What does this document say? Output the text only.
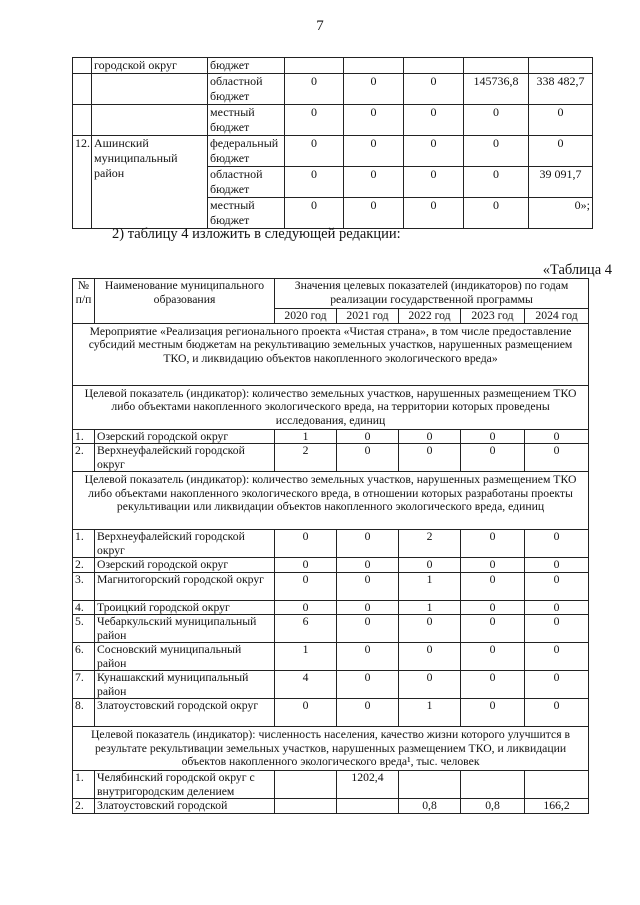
7
	городской округ	бюджет					
		областной бюджет	0	0	0	145736,8	338 482,7
		местный бюджет	0	0	0	0	0
12.	Ашинский муниципальный район	федеральный бюджет	0	0	0	0	0
		областной бюджет	0	0	0	0	39 091,7
		местный бюджет	0	0	0	0	0»;
2) таблицу 4 изложить в следующей редакции:
«Таблица 4
№ п/п	Наименование муниципального образования	Значения целевых показателей (индикаторов) по годам реализации государственной программы				
		2020 год	2021 год	2022 год	2023 год	2024 год
Мероприятие «Реализация регионального проекта «Чистая страна», в том числе предоставление субсидий местным бюджетам на рекультивацию земельных участков, нарушенных размещением ТКО, и ликвидацию объектов накопленного экологического вреда»						
Целевой показатель (индикатор): количество земельных участков, нарушенных размещением ТКО либо объектами накопленного экологического вреда, на территории которых проведены исследования, единиц						
1.	Озерский городской округ	1	0	0	0	0
2.	Верхнеуфалейский городской округ	2	0	0	0	0
Целевой показатель (индикатор): количество земельных участков, нарушенных размещением ТКО либо объектами накопленного экологического вреда, в отношении которых разработаны проекты рекультивации или ликвидации объектов накопленного экологического вреда, единиц						
1.	Верхнеуфалейский городской округ	0	0	2	0	0
2.	Озерский городской округ	0	0	0	0	0
3.	Магнитогорский городской округ	0	0	1	0	0
4.	Троицкий городской округ	0	0	1	0	0
5.	Чебаркульский муниципальный район	6	0	0	0	0
6.	Сосновский муниципальный район	1	0	0	0	0
7.	Кунашакский муниципальный район	4	0	0	0	0
8.	Златоустовский городской округ	0	0	1	0	0
Целевой показатель (индикатор): численность населения, качество жизни которого улучшится в результате рекультивации земельных участков, нарушенных размещением ТКО, и ликвидации объектов накопленного экологического вреда¹, тыс. человек						
1.	Челябинский городской округ с внутригородским делением		1202,4			
2.	Златоустовский городской			0,8	0,8	166,2
